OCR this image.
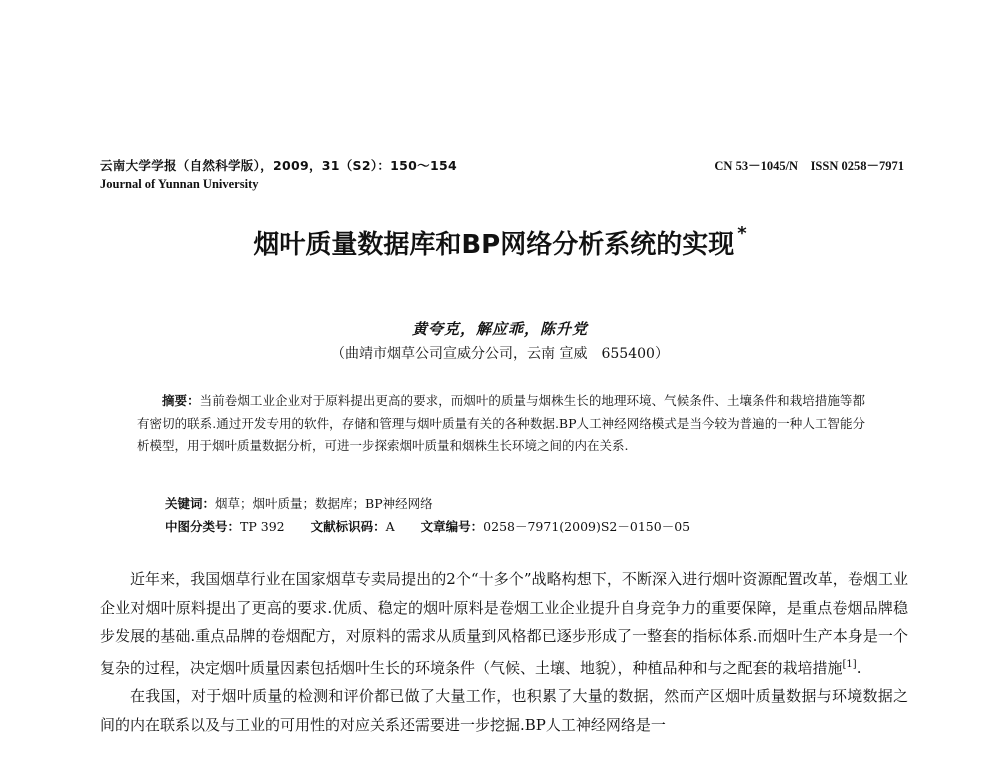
云南大学学报（自然科学版），2009，31（S2）：150～154	CN 53－1045/N　ISSN 0258－7971
Journal of Yunnan University
烟叶质量数据库和BP网络分析系统的实现 *
黄夸克，解应乖，陈升党
（曲靖市烟草公司宣威分公司，云南 宣威　655400）
摘要：当前卷烟工业企业对于原料提出更高的要求，而烟叶的质量与烟株生长的地理环境、气候条件、土壤条件和栽培措施等都有密切的联系.通过开发专用的软件，存储和管理与烟叶质量有关的各种数据.BP人工神经网络模式是当今较为普遍的一种人工智能分析模型，用于烟叶质量数据分析，可进一步探索烟叶质量和烟株生长环境之间的内在关系.
关键词：烟草；烟叶质量；数据库；BP神经网络
中图分类号：TP 392 文献标识码：A 文章编号：0258－7971(2009)S2－0150－05

近年来，我国烟草行业在国家烟草专卖局提出的2个“十多个”战略构想下，不断深入进行烟叶资源配置改革，卷烟工业企业对烟叶原料提出了更高的要求.优质、稳定的烟叶原料是卷烟工业企业提升自身竞争力的重要保障，是重点卷烟品牌稳步发展的基础.重点品牌的卷烟配方，对原料的需求从质量到风格都已逐步形成了一整套的指标体系.而烟叶生产本身是一个复杂的过程，决定烟叶质量因素包括烟叶生长的环境条件（气候、土壤、地貌），种植品种和与之配套的栽培措施[1].

在我国，对于烟叶质量的检测和评价都已做了大量工作，也积累了大量的数据，然而产区烟叶质量数据与环境数据之间的内在联系以及与工业的可用性的对应关系还需要进一步挖掘.BP人工神经网络是一
